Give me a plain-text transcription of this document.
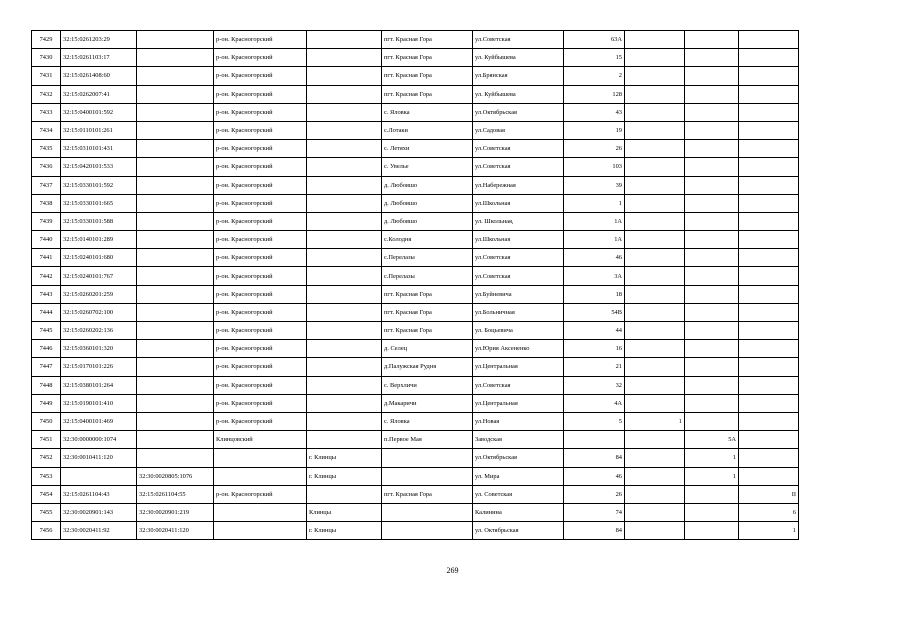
7429	32:15:0261203:29		р-он. Красногорский		пгт. Красная Гора	ул.Советская	63А			
7430	32:15:0261103:17		р-он. Красногорский		пгт. Красная Гора	ул. Куйбышева	15			
7431	32:15:0261408:60		р-он. Красногорский		пгт. Красная Гора	ул.Брянская	2			
7432	32:15:0262007:41		р-он. Красногорский		пгт. Красная Гора	ул. Куйбышева	128			
7433	32:15:0400101:592		р-он. Красногорский		с. Яловка	ул.Октябрьская	43			
7434	32:15:0110101:261		р-он. Красногорский		с.Лотаки	ул.Садовая	19			
7435	32:15:0310101:431		р-он. Красногорский		с. Летяхи	ул.Советская	26			
7436	32:15:0420101:533		р-он. Красногорский		с. Увелье	ул.Советская	103			
7437	32:15:0330101:592		р-он. Красногорский		д. Любовшо	ул.Набережная	39			
7438	32:15:0330101:665		р-он. Красногорский		д. Любовшо	ул.Школьная	1			
7439	32:15:0330101:588		р-он. Красногорский		д. Любовшо	ул. Школьная,	1А			
7440	32:15:0140101:289		р-он. Красногорский		с.Колодня	ул.Школьная	1А			
7441	32:15:0240101:680		р-он. Красногорский		с.Перелазы	ул.Советская	46			
7442	32:15:0240101:767		р-он. Красногорский		с.Перелазы	ул.Советская	3А			
7443	32:15:0260201:259		р-он. Красногорский		пгт. Красная Гора	ул.Буйневича	18			
7444	32:15:0260702:100		р-он. Красногорский		пгт. Красная Гора	ул.Больничная	54В			
7445	32:15:0260202:136		р-он. Красногорский		пгт. Красная Гора	ул. Боцьевича	44			
7446	32:15:0360101:320		р-он. Красногорский		д. Селец	ул.Юрия Аксененко	16			
7447	32:15:0170101:226		р-он. Красногорский		д.Палужская Рудня	ул.Центральная	21			
7448	32:15:0380101:264		р-он. Красногорский		с. Верхличи	ул.Советская	32			
7449	32:15:0190101:410		р-он. Красногорский		д.Макаричи	ул.Центральная	4А			
7450	32:15:0400101:469		р-он. Красногорский		с. Яловка	ул.Новая	5	1		
7451	32:30:0000000:1074		Клинцовский		п.Первое Мая	Заводская			5А	
7452	32:30:0010411:120			г. Клинцы		ул.Октябрьская	84		1	
7453		32:30:0020805:1076		г. Клинцы		ул. Мира	46		1	
7454	32:15:0261104:43	32:15:0261104:55	р-он. Красногорский		пгт. Красная Гора	ул. Советская	26			II
7455	32:30:0020901:143	32:30:0020901:219		Клинцы		Калинина	74			6
7456	32:30:0020411:92	32:30:0020411:120		г. Клинцы		ул. Октябрьская	84			1
269
